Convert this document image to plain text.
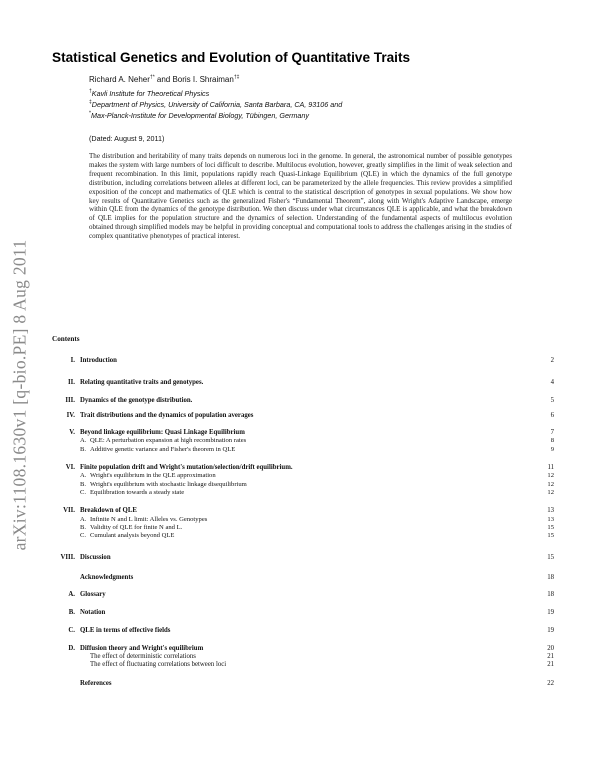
arXiv:1108.1630v1 [q-bio.PE] 8 Aug 2011
Statistical Genetics and Evolution of Quantitative Traits
Richard A. Neher†* and Boris I. Shraiman†‡
†Kavli Institute for Theoretical Physics
‡Department of Physics, University of California, Santa Barbara, CA, 93106 and
*Max-Planck-Institute for Developmental Biology, Tübingen, Germany
(Dated: August 9, 2011)
The distribution and heritability of many traits depends on numerous loci in the genome. In general, the astronomical number of possible genotypes makes the system with large numbers of loci difficult to describe. Multilocus evolution, however, greatly simplifies in the limit of weak selection and frequent recombination. In this limit, populations rapidly reach Quasi-Linkage Equilibrium (QLE) in which the dynamics of the full genotype distribution, including correlations between alleles at different loci, can be parameterized by the allele frequencies. This review provides a simplified exposition of the concept and mathematics of QLE which is central to the statistical description of genotypes in sexual populations. We show how key results of Quantitative Genetics such as the generalized Fisher's “Fundamental Theorem”, along with Wright's Adaptive Landscape, emerge within QLE from the dynamics of the genotype distribution. We then discuss under what circumstances QLE is applicable, and what the breakdown of QLE implies for the population structure and the dynamics of selection. Understanding of the fundamental aspects of multilocus evolution obtained through simplified models may be helpful in providing conceptual and computational tools to address the challenges arising in the studies of complex quantitative phenotypes of practical interest.
Contents
I. Introduction	2
II. Relating quantitative traits and genotypes.	4
III. Dynamics of the genotype distribution.	5
IV. Trait distributions and the dynamics of population averages	6
V. Beyond linkage equilibrium: Quasi Linkage Equilibrium	7
A. QLE: A perturbation expansion at high recombination rates	8
B. Additive genetic variance and Fisher's theorem in QLE	9
VI. Finite population drift and Wright's mutation/selection/drift equilibrium.	11
A. Wright's equilibrium in the QLE approximation	12
B. Wright's equilibrium with stochastic linkage disequilibrium	12
C. Equilibration towards a steady state	12
VII. Breakdown of QLE	13
A. Infinite N and L limit: Alleles vs. Genotypes	13
B. Validity of QLE for finite N and L.	15
C. Cumulant analysis beyond QLE	15
VIII. Discussion	15
Acknowledgments	18
A. Glossary	18
B. Notation	19
C. QLE in terms of effective fields	19
D. Diffusion theory and Wright's equilibrium	20
The effect of deterministic correlations	21
The effect of fluctuating correlations between loci	21
References	22
